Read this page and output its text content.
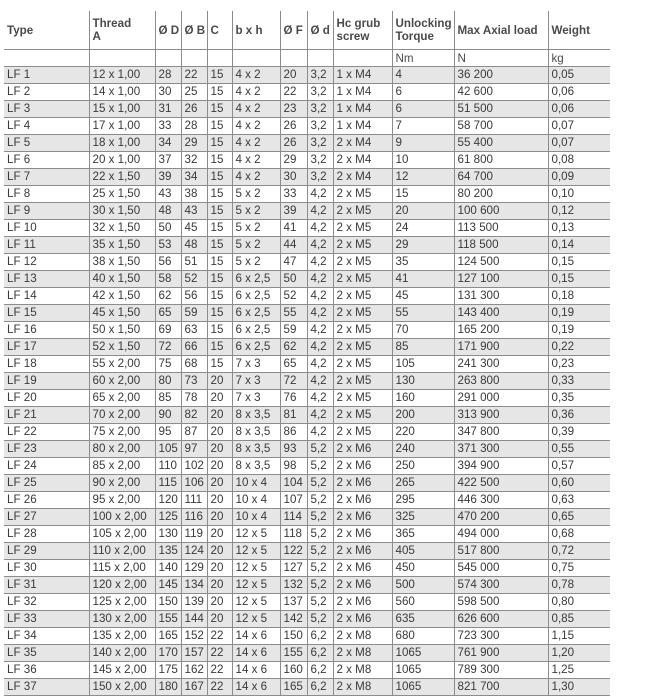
Type	Thread
A	Ø D	Ø B	C	b x h	Ø F	Ø d	Hc grub
screw	Unlocking
Torque	Max Axial load	Weight
									Nm	N	kg
LF 1	12 x 1,00	28	22	15	4 x 2	20	3,2	1 x M4	4	36 200	0,05
LF 2	14 x 1,00	30	25	15	4 x 2	22	3,2	1 x M4	6	42 600	0,06
LF 3	15 x 1,00	31	26	15	4 x 2	23	3,2	1 x M4	6	51 500	0,06
LF 4	17 x 1,00	33	28	15	4 x 2	26	3,2	1 x M4	7	58 700	0,07
LF 5	18 x 1,00	34	29	15	4 x 2	26	3,2	2 x M4	9	55 400	0,07
LF 6	20 x 1,00	37	32	15	4 x 2	29	3,2	2 x M4	10	61 800	0,08
LF 7	22 x 1,50	39	34	15	4 x 2	30	3,2	2 x M4	12	64 700	0,09
LF 8	25 x 1,50	43	38	15	5 x 2	33	4,2	2 x M5	15	80 200	0,10
LF 9	30 x 1,50	48	43	15	5 x 2	39	4,2	2 x M5	20	100 600	0,12
LF 10	32 x 1,50	50	45	15	5 x 2	41	4,2	2 x M5	24	113 500	0,13
LF 11	35 x 1,50	53	48	15	5 x 2	44	4,2	2 x M5	29	118 500	0,14
LF 12	38 x 1,50	56	51	15	5 x 2	47	4,2	2 x M5	35	124 500	0,15
LF 13	40 x 1,50	58	52	15	6 x 2,5	50	4,2	2 x M5	41	127 100	0,15
LF 14	42 x 1,50	62	56	15	6 x 2,5	52	4,2	2 x M5	45	131 300	0,18
LF 15	45 x 1,50	65	59	15	6 x 2,5	55	4,2	2 x M5	55	143 400	0,19
LF 16	50 x 1,50	69	63	15	6 x 2,5	59	4,2	2 x M5	70	165 200	0,19
LF 17	52 x 1,50	72	66	15	6 x 2,5	62	4,2	2 x M5	85	171 900	0,22
LF 18	55 x 2,00	75	68	15	7 x 3	65	4,2	2 x M5	105	241 300	0,23
LF 19	60 x 2,00	80	73	20	7 x 3	72	4,2	2 x M5	130	263 800	0,33
LF 20	65 x 2,00	85	78	20	7 x 3	76	4,2	2 x M5	160	291 000	0,35
LF 21	70 x 2,00	90	82	20	8 x 3,5	81	4,2	2 x M5	200	313 900	0,36
LF 22	75 x 2,00	95	87	20	8 x 3,5	86	4,2	2 x M5	220	347 800	0,39
LF 23	80 x 2,00	105	97	20	8 x 3,5	93	5,2	2 x M6	240	371 300	0,55
LF 24	85 x 2,00	110	102	20	8 x 3,5	98	5,2	2 x M6	250	394 900	0,57
LF 25	90 x 2,00	115	106	20	10 x 4	104	5,2	2 x M6	265	422 500	0,60
LF 26	95 x 2,00	120	111	20	10 x 4	107	5,2	2 x M6	295	446 300	0,63
LF 27	100 x 2,00	125	116	20	10 x 4	114	5,2	2 x M6	325	470 200	0,65
LF 28	105 x 2,00	130	119	20	12 x 5	118	5,2	2 x M6	365	494 000	0,68
LF 29	110 x 2,00	135	124	20	12 x 5	122	5,2	2 x M6	405	517 800	0,72
LF 30	115 x 2,00	140	129	20	12 x 5	127	5,2	2 x M6	450	545 000	0,75
LF 31	120 x 2,00	145	134	20	12 x 5	132	5,2	2 x M6	500	574 300	0,78
LF 32	125 x 2,00	150	139	20	12 x 5	137	5,2	2 x M6	560	598 500	0,80
LF 33	130 x 2,00	155	144	20	12 x 5	142	5,2	2 x M6	635	626 600	0,85
LF 34	135 x 2,00	165	152	22	14 x 6	150	6,2	2 x M8	680	723 300	1,15
LF 35	140 x 2,00	170	157	22	14 x 6	155	6,2	2 x M8	1065	761 900	1,20
LF 36	145 x 2,00	175	162	22	14 x 6	160	6,2	2 x M8	1065	789 300	1,25
LF 37	150 x 2,00	180	167	22	14 x 6	165	6,2	2 x M8	1065	821 700	1,30
